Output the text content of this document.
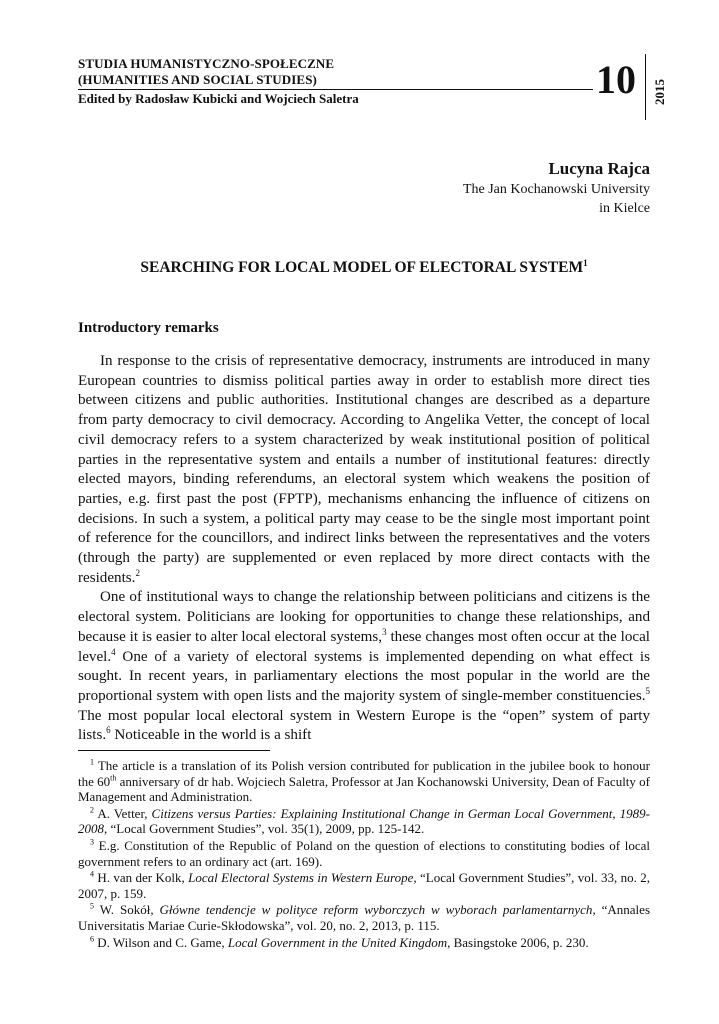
STUDIA HUMANISTYCZNO-SPOŁECZNE
(HUMANITIES AND SOCIAL STUDIES)
Edited by Radosław Kubicki and Wojciech Saletra	10 2015
Lucyna Rajca
The Jan Kochanowski University
in Kielce
SEARCHING FOR LOCAL MODEL OF ELECTORAL SYSTEM$^1$
Introductory remarks

In response to the crisis of representative democracy, instruments are introduced in many European countries to dismiss political parties away in order to establish more direct ties between citizens and public authorities. Institutional changes are described as a departure from party democracy to civil democracy. According to Angelika Vetter, the concept of local civil democracy refers to a system characterized by weak institutional position of political parties in the representative system and entails a number of institutional features: directly elected mayors, binding referendums, an electoral system which weakens the position of parties, e.g. first past the post (FPTP), mechanisms enhancing the influence of citizens on decisions. In such a system, a political party may cease to be the single most important point of reference for the councillors, and indirect links between the representatives and the voters (through the party) are supplemented or even replaced by more direct contacts with the residents.$^2$

One of institutional ways to change the relationship between politicians and citizens is the electoral system. Politicians are looking for opportunities to change these relationships, and because it is easier to alter local electoral systems,$^3$ these changes most often occur at the local level.$^4$ One of a variety of electoral systems is implemented depending on what effect is sought. In recent years, in parliamentary elections the most popular in the world are the proportional system with open lists and the majority system of single-member constituencies.$^5$ The most popular local electoral system in Western Europe is the “open” system of party lists.$^6$ Noticeable in the world is a shift

$^1$ The article is a translation of its Polish version contributed for publication in the jubilee book to honour the 60th anniversary of dr hab. Wojciech Saletra, Professor at Jan Kochanowski University, Dean of Faculty of Management and Administration.

$^2$ A. Vetter, Citizens versus Parties: Explaining Institutional Change in German Local Government, 1989-2008, “Local Government Studies”, vol. 35(1), 2009, pp. 125-142.

$^3$ E.g. Constitution of the Republic of Poland on the question of elections to constituting bodies of local government refers to an ordinary act (art. 169).

$^4$ H. van der Kolk, Local Electoral Systems in Western Europe, “Local Government Studies”, vol. 33, no. 2, 2007, p. 159.

$^5$ W. Sokół, Główne tendencje w polityce reform wyborczych w wyborach parlamentarnych, “Annales Universitatis Mariae Curie-Skłodowska”, vol. 20, no. 2, 2013, p. 115.

$^6$ D. Wilson and C. Game, Local Government in the United Kingdom, Basingstoke 2006, p. 230.
